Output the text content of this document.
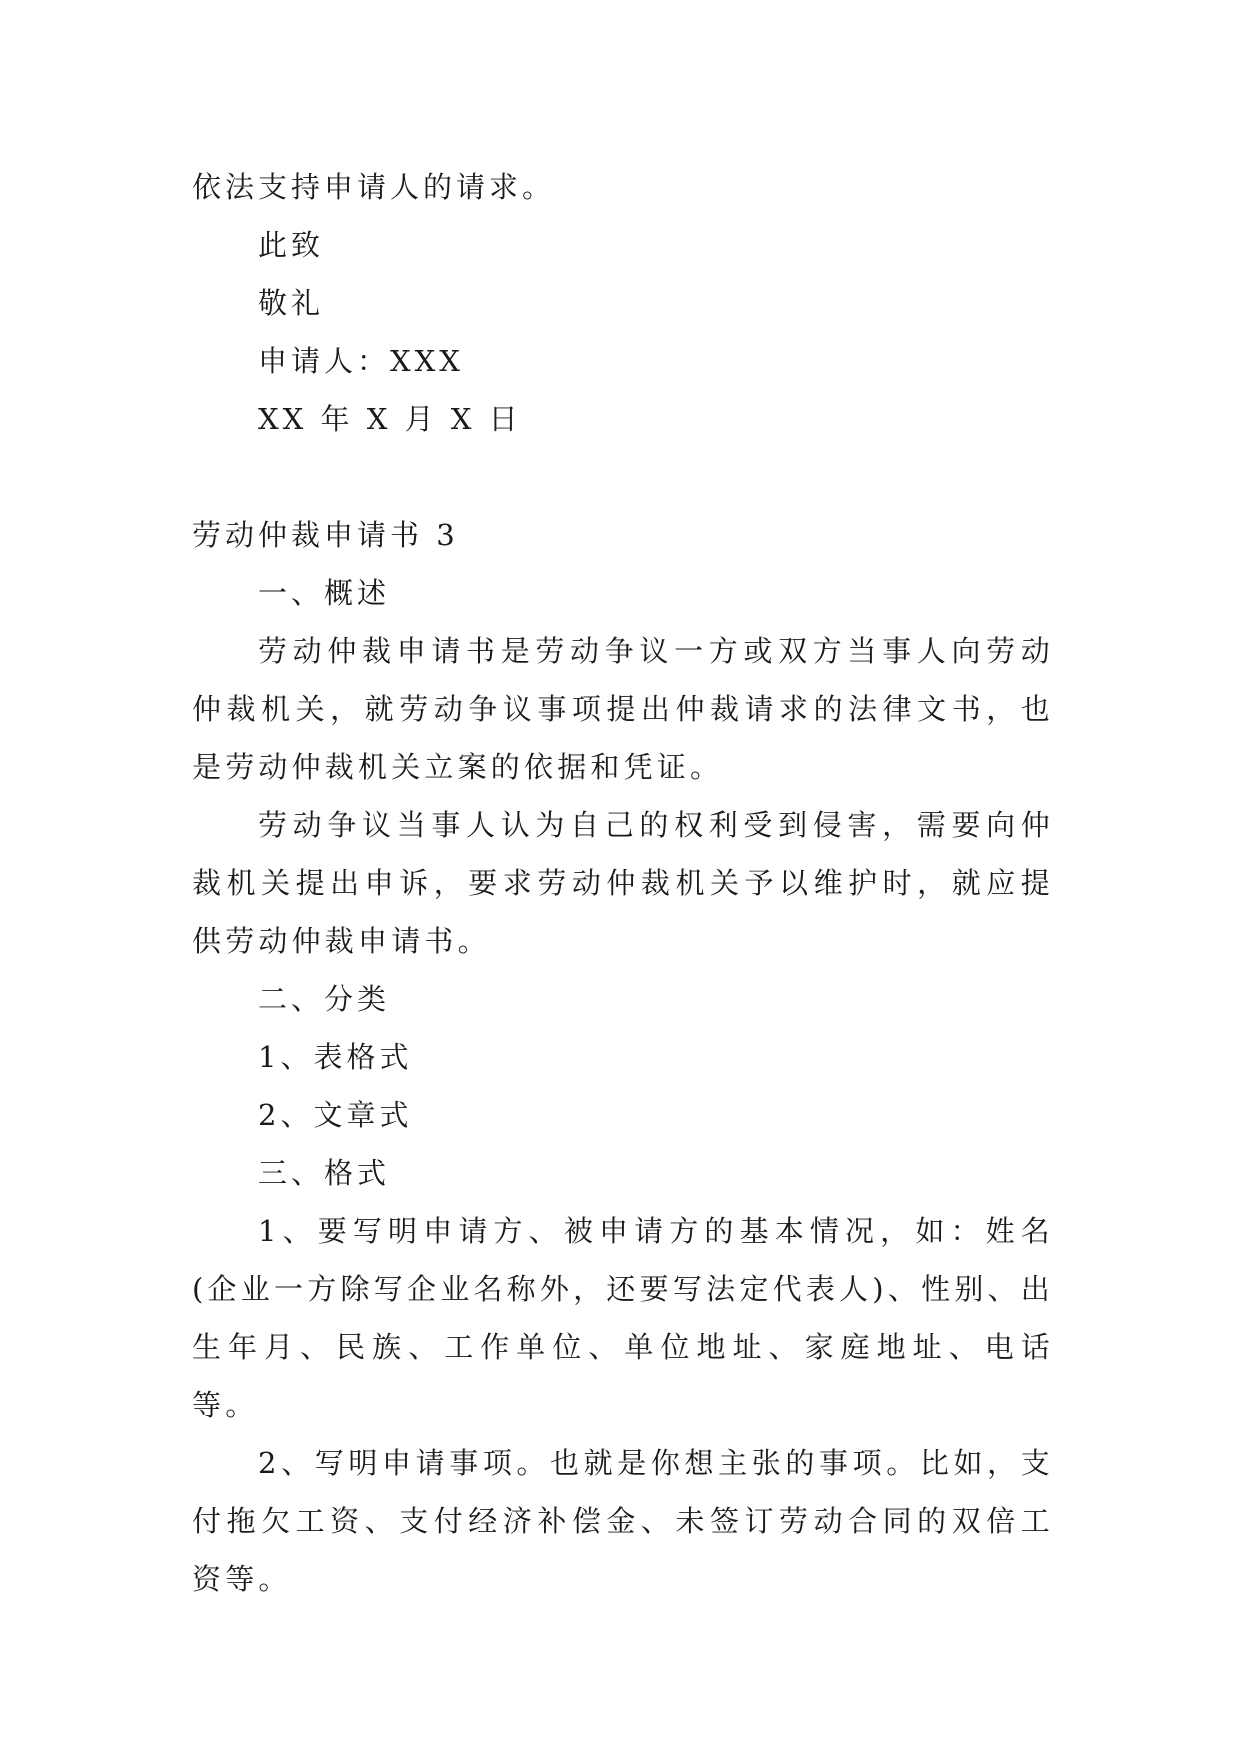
依法支持申请人的请求。

此致

敬礼

申请人：XXX

XX 年 X 月 X 日

劳动仲裁申请书 3

一、概述

劳动仲裁申请书是劳动争议一方或双方当事人向劳动仲裁机关，就劳动争议事项提出仲裁请求的法律文书，也是劳动仲裁机关立案的依据和凭证。

劳动争议当事人认为自己的权利受到侵害，需要向仲裁机关提出申诉，要求劳动仲裁机关予以维护时，就应提供劳动仲裁申请书。

二、分类

1、表格式

2、文章式

三、格式

1、要写明申请方、被申请方的基本情况，如：姓名(企业一方除写企业名称外，还要写法定代表人)、性别、出生年月、民族、工作单位、单位地址、家庭地址、电话等。

2、写明申请事项。也就是你想主张的事项。比如，支付拖欠工资、支付经济补偿金、未签订劳动合同的双倍工资等。
